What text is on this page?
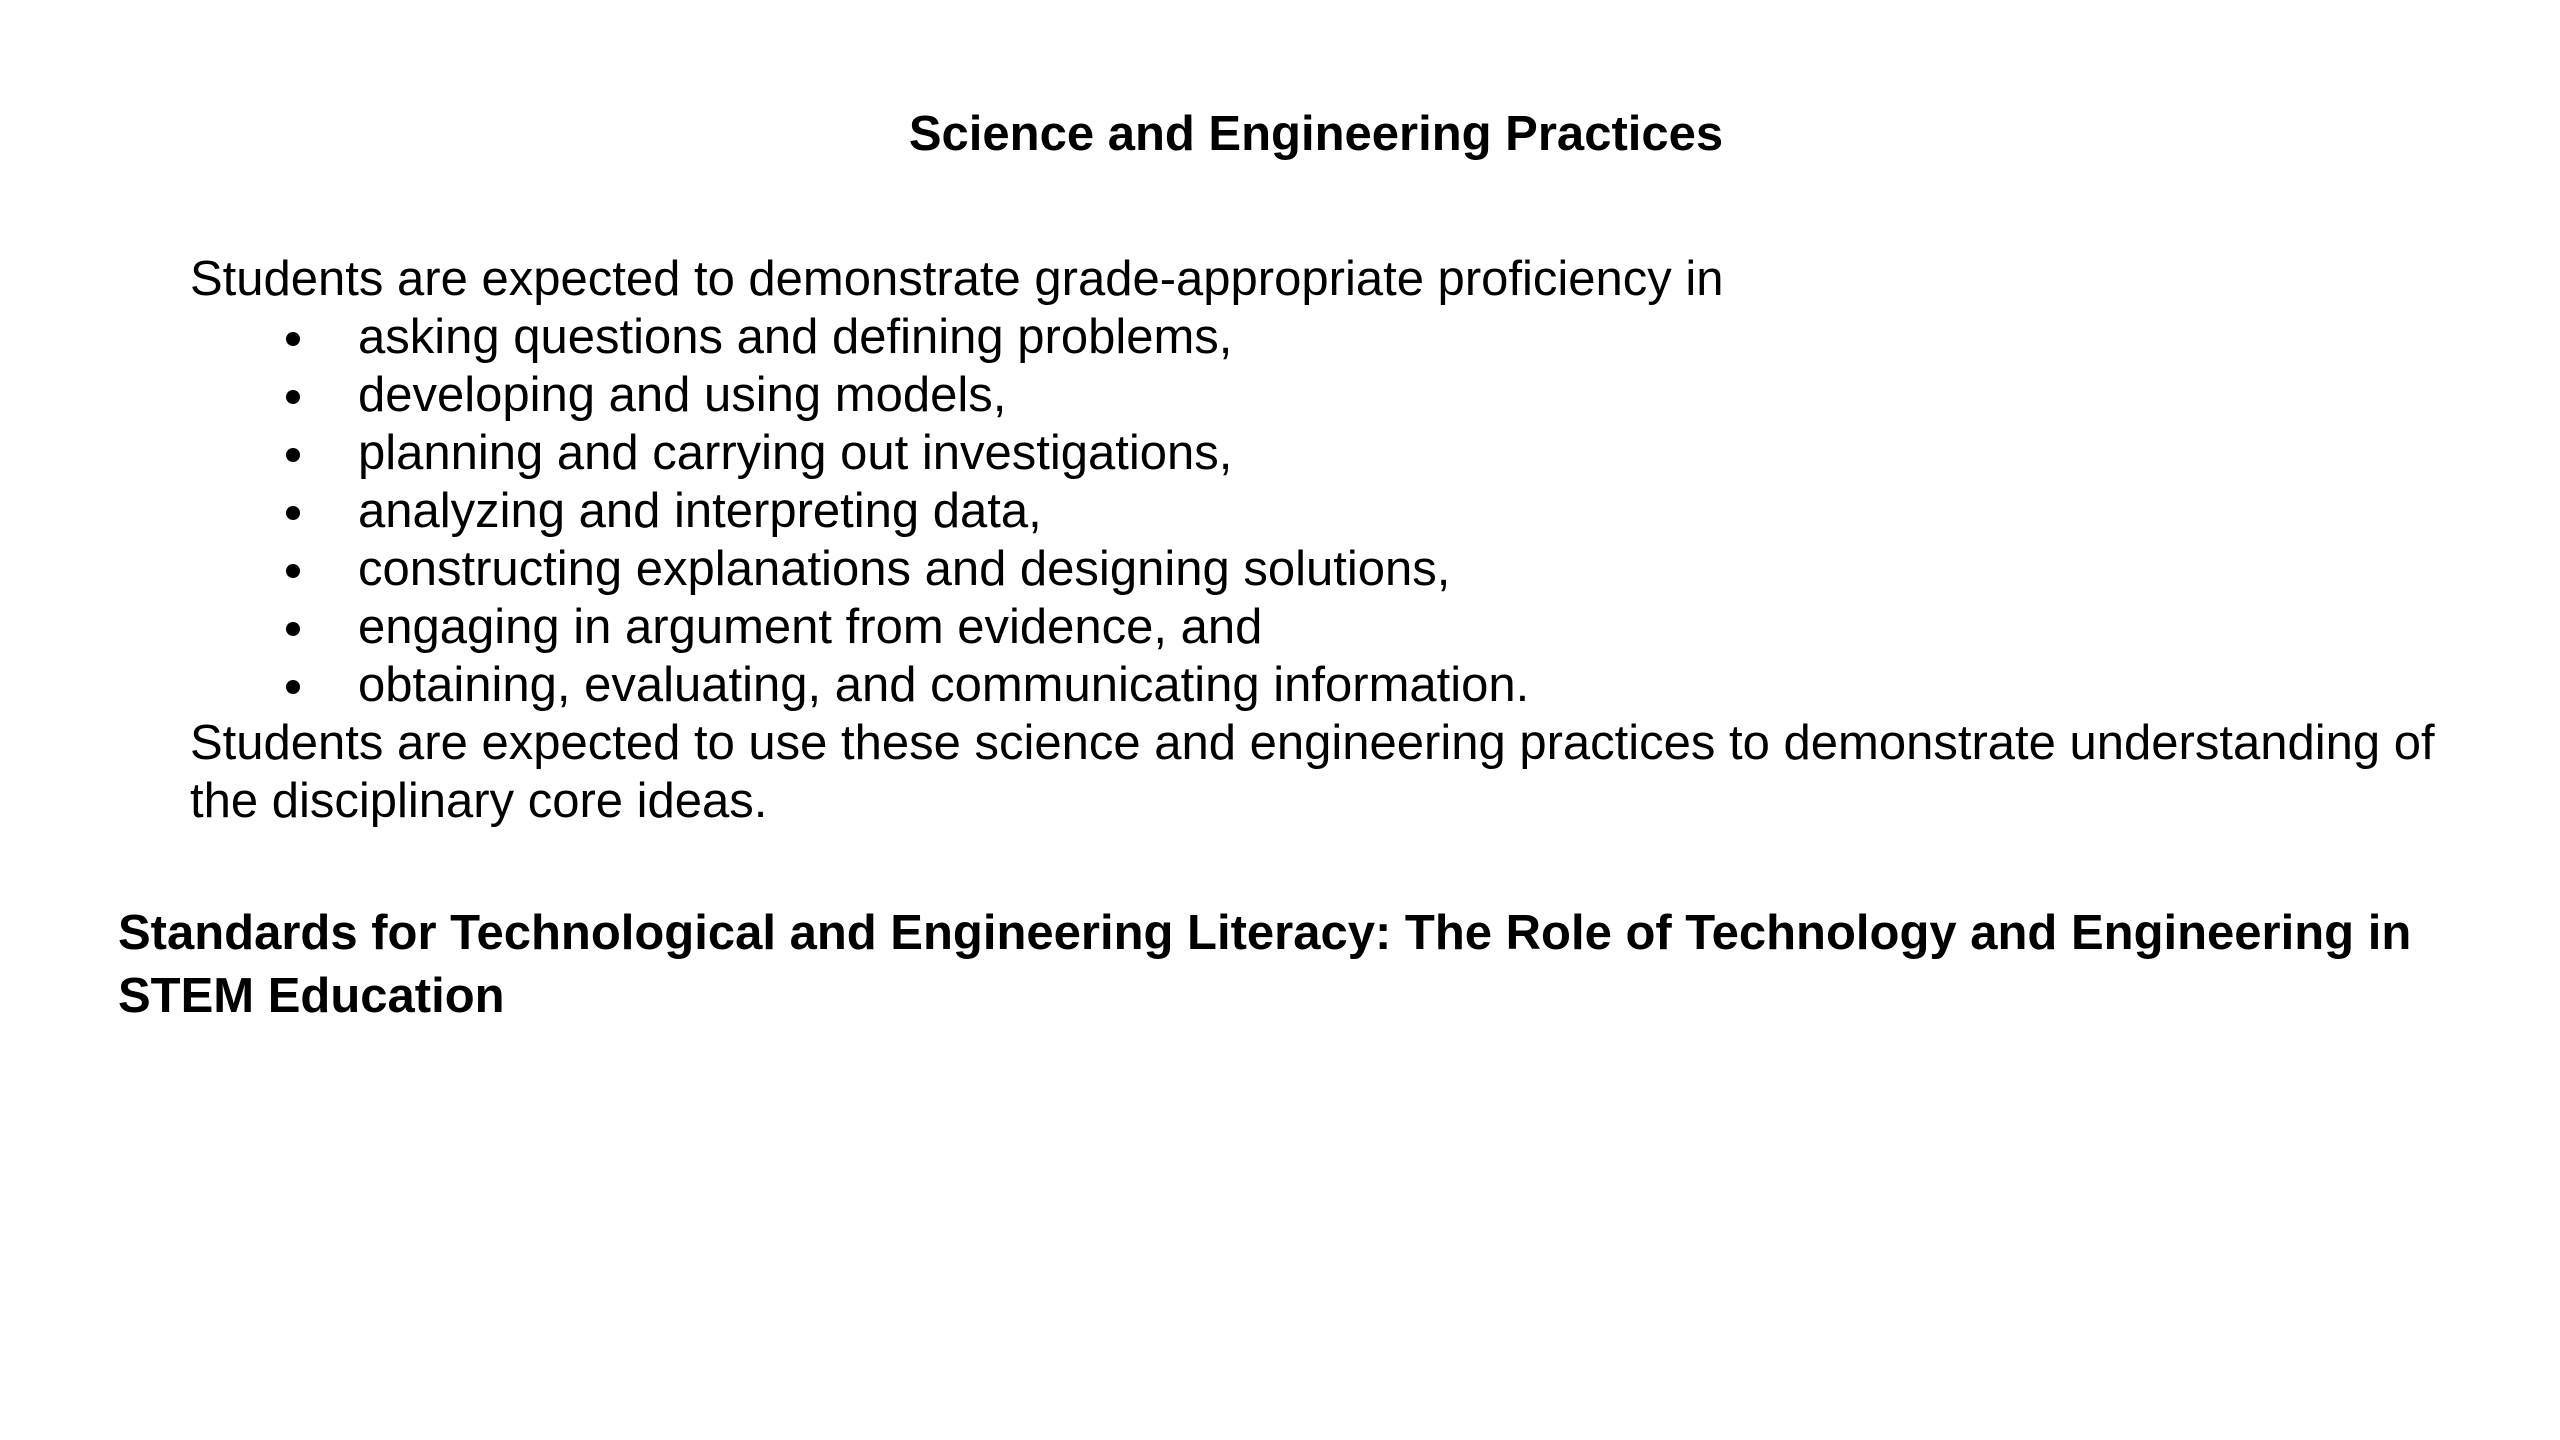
Science and Engineering Practices

Students are expected to demonstrate grade-appropriate proficiency in

asking questions and defining problems,
developing and using models,
planning and carrying out investigations,
analyzing and interpreting data,
constructing explanations and designing solutions,
engaging in argument from evidence, and
obtaining, evaluating, and communicating information.

Students are expected to use these science and engineering practices to demonstrate understanding of the disciplinary core ideas.

Standards for Technological and Engineering Literacy: The Role of Technology and Engineering in STEM Education
